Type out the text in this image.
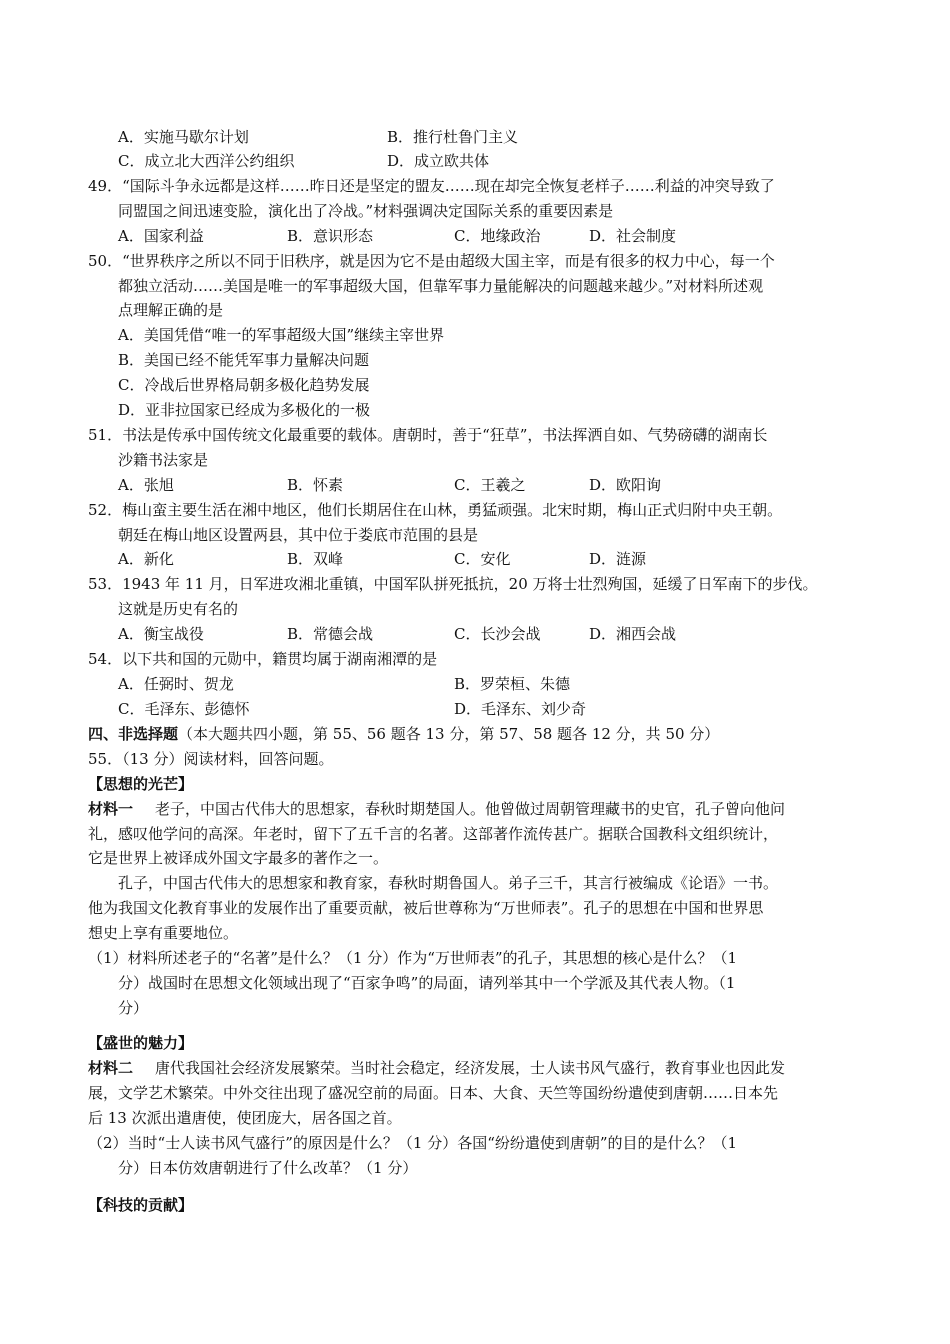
A．实施马歇尔计划	B．推行杜鲁门主义
C．成立北大西洋公约组织	D．成立欧共体
49．“国际斗争永远都是这样……昨日还是坚定的盟友……现在却完全恢复老样子……利益的冲突导致了
同盟国之间迅速变脸，演化出了冷战。”材料强调决定国际关系的重要因素是
A．国家利益	B．意识形态	C．地缘政治	D．社会制度
50．“世界秩序之所以不同于旧秩序，就是因为它不是由超级大国主宰，而是有很多的权力中心，每一个
都独立活动……美国是唯一的军事超级大国，但靠军事力量能解决的问题越来越少。”对材料所述观
点理解正确的是
A．美国凭借“唯一的军事超级大国”继续主宰世界
B．美国已经不能凭军事力量解决问题
C．冷战后世界格局朝多极化趋势发展
D．亚非拉国家已经成为多极化的一极
51．书法是传承中国传统文化最重要的载体。唐朝时，善于“狂草”，书法挥洒自如、气势磅礴的湖南长
沙籍书法家是
A．张旭	B．怀素	C．王羲之	D．欧阳询
52．梅山蛮主要生活在湘中地区，他们长期居住在山林，勇猛顽强。北宋时期，梅山正式归附中央王朝。
朝廷在梅山地区设置两县，其中位于娄底市范围的县是
A．新化	B．双峰	C．安化	D．涟源
53．1943 年 11 月，日军进攻湘北重镇，中国军队拼死抵抗，20 万将士壮烈殉国，延缓了日军南下的步伐。
这就是历史有名的
A．衡宝战役	B．常德会战	C．长沙会战	D．湘西会战
54．以下共和国的元勋中，籍贯均属于湖南湘潭的是
A．任弼时、贺龙	B．罗荣桓、朱德
C．毛泽东、彭德怀	D．毛泽东、刘少奇
四、非选择题（本大题共四小题，第 55、56 题各 13 分，第 57、58 题各 12 分，共 50 分）
55．（13 分）阅读材料，回答问题。
【思想的光芒】
材料一 老子，中国古代伟大的思想家，春秋时期楚国人。他曾做过周朝管理藏书的史官，孔子曾向他问
礼，感叹他学问的高深。年老时，留下了五千言的名著。这部著作流传甚广。据联合国教科文组织统计，
它是世界上被译成外国文字最多的著作之一。
孔子，中国古代伟大的思想家和教育家，春秋时期鲁国人。弟子三千，其言行被编成《论语》一书。
他为我国文化教育事业的发展作出了重要贡献，被后世尊称为“万世师表”。孔子的思想在中国和世界思
想史上享有重要地位。
（1）材料所述老子的“名著”是什么？（1 分）作为“万世师表”的孔子，其思想的核心是什么？（1
分）战国时在思想文化领域出现了“百家争鸣”的局面，请列举其中一个学派及其代表人物。（1
分）
【盛世的魅力】
材料二 唐代我国社会经济发展繁荣。当时社会稳定，经济发展，士人读书风气盛行，教育事业也因此发
展，文学艺术繁荣。中外交往出现了盛况空前的局面。日本、大食、天竺等国纷纷遣使到唐朝……日本先
后 13 次派出遣唐使，使团庞大，居各国之首。
（2）当时“士人读书风气盛行”的原因是什么？（1 分）各国“纷纷遣使到唐朝”的目的是什么？（1
分）日本仿效唐朝进行了什么改革？（1 分）
【科技的贡献】
